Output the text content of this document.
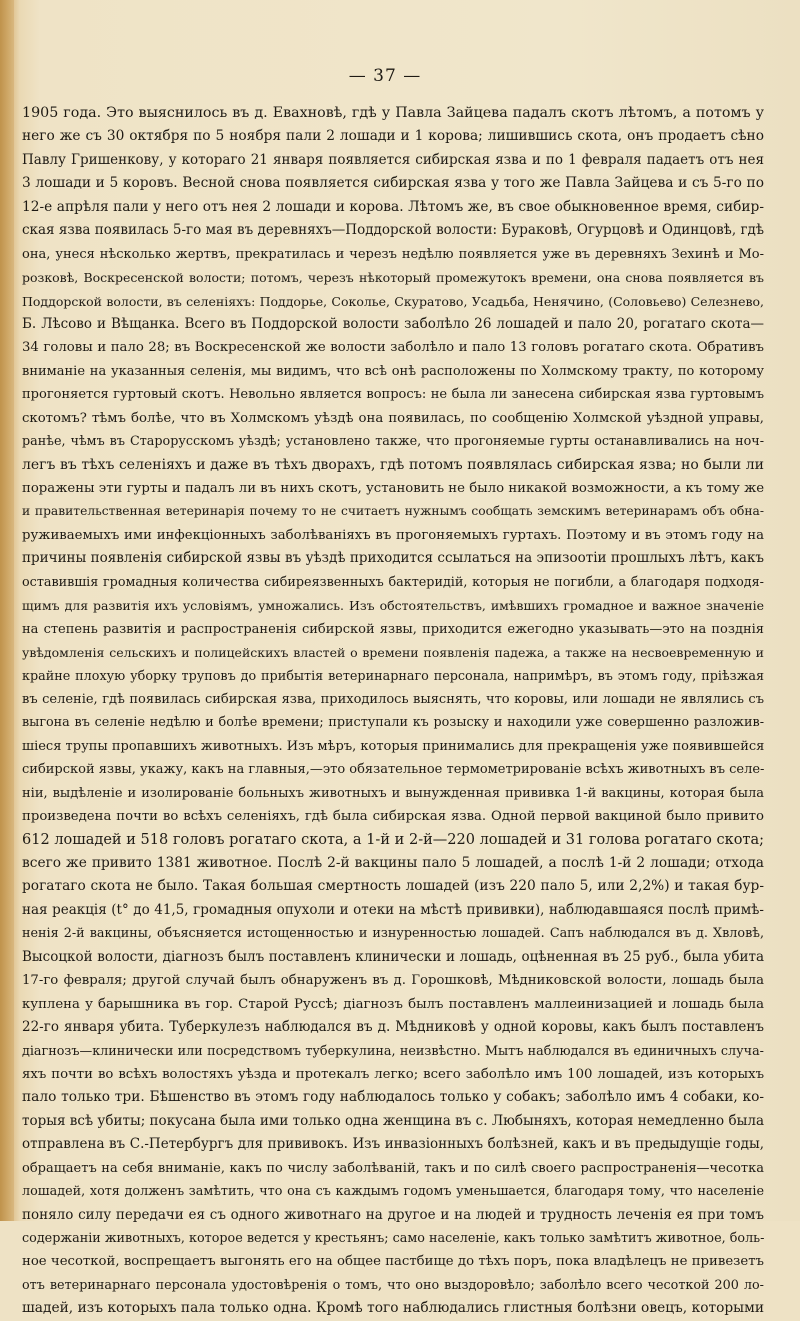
— 37 —
1905 года. Это выяснилось въ д. Евахновѣ, гдѣ у Павла Зайцева падалъ скотъ лѣтомъ, а потомъ у
него же съ 30 октября по 5 ноября пали 2 лошади и 1 корова; лишившись скота, онъ продаетъ сѣно
Павлу Гришенкову, у котораго 21 января появляется сибирская язва и по 1 февраля падаетъ отъ нея
3 лошади и 5 коровъ. Весной снова появляется сибирская язва у того же Павла Зайцева и съ 5-го по
12-е апрѣля пали у него отъ нея 2 лошади и корова. Лѣтомъ же, въ свое обыкновенное время, сибир-
ская язва появилась 5-го мая въ деревняхъ—Поддорской волости: Бураковѣ, Огурцовѣ и Одинцовѣ, гдѣ
она, унеся нѣсколько жертвъ, прекратилась и черезъ недѣлю появляется уже въ деревняхъ Зехинѣ и Мо-
розковѣ, Воскресенской волости; потомъ, черезъ нѣкоторый промежутокъ времени, она снова появляется въ
Поддорской волости, въ селеніяхъ: Поддорье, Соколье, Скуратово, Усадьба, Ненячино, (Соловьево) Селезнево,
Б. Лѣсово и Вѣщанка. Всего въ Поддорской волости заболѣло 26 лошадей и пало 20, рогатаго скота—
34 головы и пало 28; въ Воскресенской же волости заболѣло и пало 13 головъ рогатаго скота. Обративъ
вниманіе на указанныя селенія, мы видимъ, что всѣ онѣ расположены по Холмскому тракту, по которому
прогоняется гуртовый скотъ. Невольно является вопросъ: не была ли занесена сибирская язва гуртовымъ
скотомъ? тѣмъ болѣе, что въ Холмскомъ уѣздѣ она появилась, по сообщенію Холмской уѣздной управы,
ранѣе, чѣмъ въ Старорусскомъ уѣздѣ; установлено также, что прогоняемые гурты останавливались на ноч-
легъ въ тѣхъ селеніяхъ и даже въ тѣхъ дворахъ, гдѣ потомъ появлялась сибирская язва; но были ли
поражены эти гурты и падалъ ли въ нихъ скотъ, установить не было никакой возможности, а къ тому же
и правительственная ветеринарія почему то не считаетъ нужнымъ сообщать земскимъ ветеринарамъ объ обна-
руживаемыхъ ими инфекціонныхъ заболѣваніяхъ въ прогоняемыхъ гуртахъ. Поэтому и въ этомъ году на
причины появленія сибирской язвы въ уѣздѣ приходится ссылаться на эпизоотіи прошлыхъ лѣтъ, какъ
оставившія громадныя количества сибиреязвенныхъ бактеридій, которыя не погибли, а благодаря подходя-
щимъ для развитія ихъ условіямъ, умножались. Изъ обстоятельствъ, имѣвшихъ громадное и важное значеніе
на степень развитія и распространенія сибирской язвы, приходится ежегодно указывать—это на позднія
увѣдомленія сельскихъ и полицейскихъ властей о времени появленія падежа, а также на несвоевременную и
крайне плохую уборку труповъ до прибытія ветеринарнаго персонала, напримѣръ, въ этомъ году, пріѣзжая
въ селеніе, гдѣ появилась сибирская язва, приходилось выяснять, что коровы, или лошади не являлись съ
выгона въ селеніе недѣлю и болѣе времени; приступали къ розыску и находили уже совершенно разложив-
шіеся трупы пропавшихъ животныхъ. Изъ мѣръ, которыя принимались для прекращенія уже появившейся
сибирской язвы, укажу, какъ на главныя,—это обязательное термометрированіе всѣхъ животныхъ въ селе-
ніи, выдѣленіе и изолированіе больныхъ животныхъ и вынужденная прививка 1-й вакцины, которая была
произведена почти во всѣхъ селеніяхъ, гдѣ была сибирская язва. Одной первой вакциной было привито
612 лошадей и 518 головъ рогатаго скота, а 1-й и 2-й—220 лошадей и 31 голова рогатаго скота;
всего же привито 1381 животное. Послѣ 2-й вакцины пало 5 лошадей, а послѣ 1-й 2 лошади; отхода
рогатаго скота не было. Такая большая смертность лошадей (изъ 220 пало 5, или 2,2%) и такая бур-
ная реакція (t° до 41,5, громадныя опухоли и отеки на мѣстѣ прививки), наблюдавшаяся послѣ примѣ-
ненія 2-й вакцины, объясняется истощенностью и изнуренностью лошадей. Сапъ наблюдался въ д. Хвловѣ,
Высоцкой волости, діагнозъ былъ поставленъ клинически и лошадь, оцѣненная въ 25 руб., была убита
17-го февраля; другой случай былъ обнаруженъ въ д. Горошковѣ, Мѣдниковской волости, лошадь была
куплена у барышника въ гор. Старой Руссѣ; діагнозъ былъ поставленъ маллеинизацией и лошадь была
22-го января убита. Туберкулезъ наблюдался въ д. Мѣдниковѣ у одной коровы, какъ былъ поставленъ
діагнозъ—клинически или посредствомъ туберкулина, неизвѣстно. Мытъ наблюдался въ единичныхъ случа-
яхъ почти во всѣхъ волостяхъ уѣзда и протекалъ легко; всего заболѣло имъ 100 лошадей, изъ которыхъ
пало только три. Бѣшенство въ этомъ году наблюдалось только у собакъ; заболѣло имъ 4 собаки, ко-
торыя всѣ убиты; покусана была ими только одна женщина въ с. Любыняхъ, которая немедленно была
отправлена въ С.-Петербургъ для прививокъ. Изъ инвазіонныхъ болѣзней, какъ и въ предыдущіе годы,
обращаетъ на себя вниманіе, какъ по числу заболѣваній, такъ и по силѣ своего распространенія—чесотка
лошадей, хотя долженъ замѣтить, что она съ каждымъ годомъ уменьшается, благодаря тому, что населеніе
поняло силу передачи ея съ одного животнаго на другое и на людей и трудность леченія ея при томъ
содержаніи животныхъ, которое ведется у крестьянъ; само населеніе, какъ только замѣтитъ животное, боль-
ное чесоткой, воспрещаетъ выгонять его на общее пастбище до тѣхъ поръ, пока владѣлецъ не привезетъ
отъ ветеринарнаго персонала удостовѣренія о томъ, что оно выздоровѣло; заболѣло всего чесоткой 200 ло-
шадей, изъ которыхъ пала только одна. Кромѣ того наблюдались глистныя болѣзни овецъ, которыми
